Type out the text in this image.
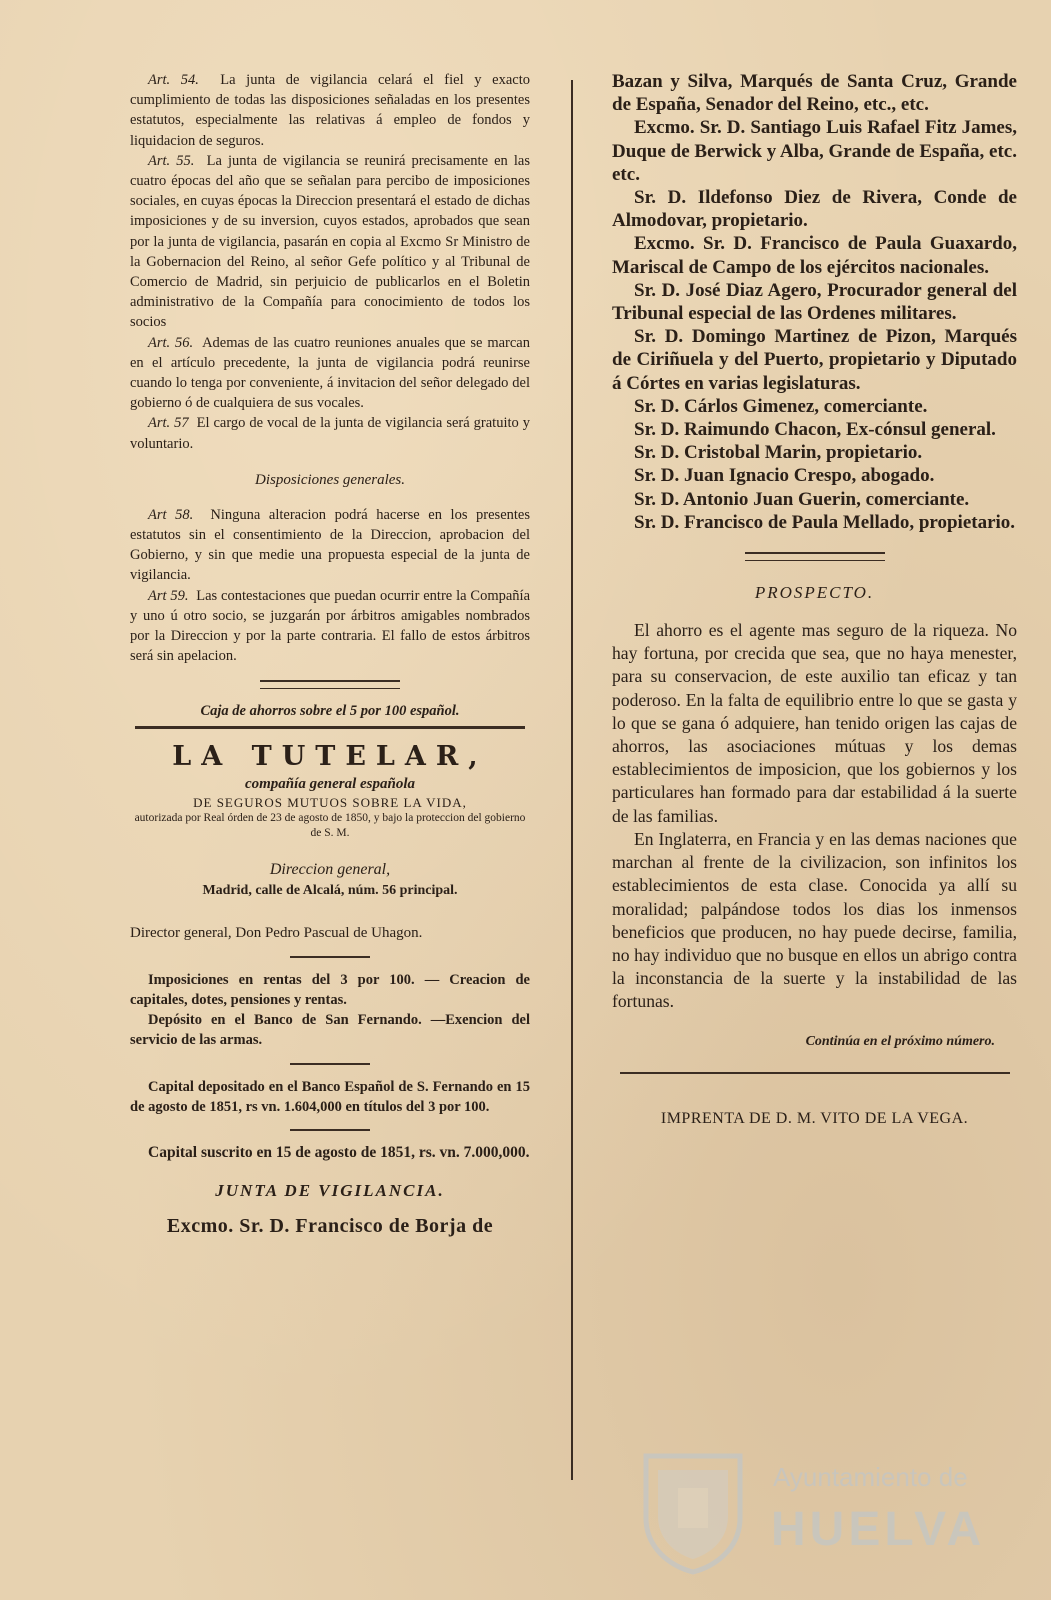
Art. 54. La junta de vigilancia celará el fiel y exacto cumplimiento de todas las disposiciones señaladas en los presentes estatutos, especialmente las relativas á empleo de fondos y liquidacion de seguros.

Art. 55. La junta de vigilancia se reunirá precisamente en las cuatro épocas del año que se señalan para percibo de imposiciones sociales, en cuyas épocas la Direccion presentará el estado de dichas imposiciones y de su inversion, cuyos estados, aprobados que sean por la junta de vigilancia, pasarán en copia al Excmo Sr Ministro de la Gobernacion del Reino, al señor Gefe político y al Tribunal de Comercio de Madrid, sin perjuicio de publicarlos en el Boletin administrativo de la Compañía para conocimiento de todos los socios

Art. 56. Ademas de las cuatro reuniones anuales que se marcan en el artículo precedente, la junta de vigilancia podrá reunirse cuando lo tenga por conveniente, á invitacion del señor delegado del gobierno ó de cualquiera de sus vocales.

Art. 57 El cargo de vocal de la junta de vigilancia será gratuito y voluntario.

Disposiciones generales.

Art 58. Ninguna alteracion podrá hacerse en los presentes estatutos sin el consentimiento de la Direccion, aprobacion del Gobierno, y sin que medie una propuesta especial de la junta de vigilancia.

Art 59. Las contestaciones que puedan ocurrir entre la Compañía y uno ú otro socio, se juzgarán por árbitros amigables nombrados por la Direccion y por la parte contraria. El fallo de estos árbitros será sin apelacion.

Caja de ahorros sobre el 5 por 100 español.
LA TUTELAR,
compañía general española
DE SEGUROS MUTUOS SOBRE LA VIDA,
autorizada por Real órden de 23 de agosto de 1850, y bajo la proteccion del gobierno de S. M.
Direccion general,
Madrid, calle de Alcalá, núm. 56 principal.

Director general, Don Pedro Pascual de Uhagon.

Imposiciones en rentas del 3 por 100. — Creacion de capitales, dotes, pensiones y rentas.

Depósito en el Banco de San Fernando. —Exencion del servicio de las armas.

Capital depositado en el Banco Español de S. Fernando en 15 de agosto de 1851, rs vn. 1.604,000 en títulos del 3 por 100.

Capital suscrito en 15 de agosto de 1851, rs. vn. 7.000,000.

JUNTA DE VIGILANCIA.
Excmo. Sr. D. Francisco de Borja de

Bazan y Silva, Marqués de Santa Cruz, Grande de España, Senador del Reino, etc., etc.

Excmo. Sr. D. Santiago Luis Rafael Fitz James, Duque de Berwick y Alba, Grande de España, etc. etc.

Sr. D. Ildefonso Diez de Rivera, Conde de Almodovar, propietario.

Excmo. Sr. D. Francisco de Paula Guaxardo, Mariscal de Campo de los ejércitos nacionales.

Sr. D. José Diaz Agero, Procurador general del Tribunal especial de las Ordenes militares.

Sr. D. Domingo Martinez de Pizon, Marqués de Ciriñuela y del Puerto, propietario y Diputado á Córtes en varias legislaturas.

Sr. D. Cárlos Gimenez, comerciante.

Sr. D. Raimundo Chacon, Ex-cónsul general.

Sr. D. Cristobal Marin, propietario.

Sr. D. Juan Ignacio Crespo, abogado.

Sr. D. Antonio Juan Guerin, comerciante.

Sr. D. Francisco de Paula Mellado, propietario.

PROSPECTO.

El ahorro es el agente mas seguro de la riqueza. No hay fortuna, por crecida que sea, que no haya menester, para su conservacion, de este auxilio tan eficaz y tan poderoso. En la falta de equilibrio entre lo que se gasta y lo que se gana ó adquiere, han tenido origen las cajas de ahorros, las asociaciones mútuas y los demas establecimientos de imposicion, que los gobiernos y los particulares han formado para dar estabilidad á la suerte de las familias.

En Inglaterra, en Francia y en las demas naciones que marchan al frente de la civilizacion, son infinitos los establecimientos de esta clase. Conocida ya allí su moralidad; palpándose todos los dias los inmensos beneficios que producen, no hay puede decirse, familia, no hay individuo que no busque en ellos un abrigo contra la inconstancia de la suerte y la instabilidad de las fortunas.

Continúa en el próximo número.
IMPRENTA DE D. M. VITO DE LA VEGA.
Ayuntamiento de
HUELVA
